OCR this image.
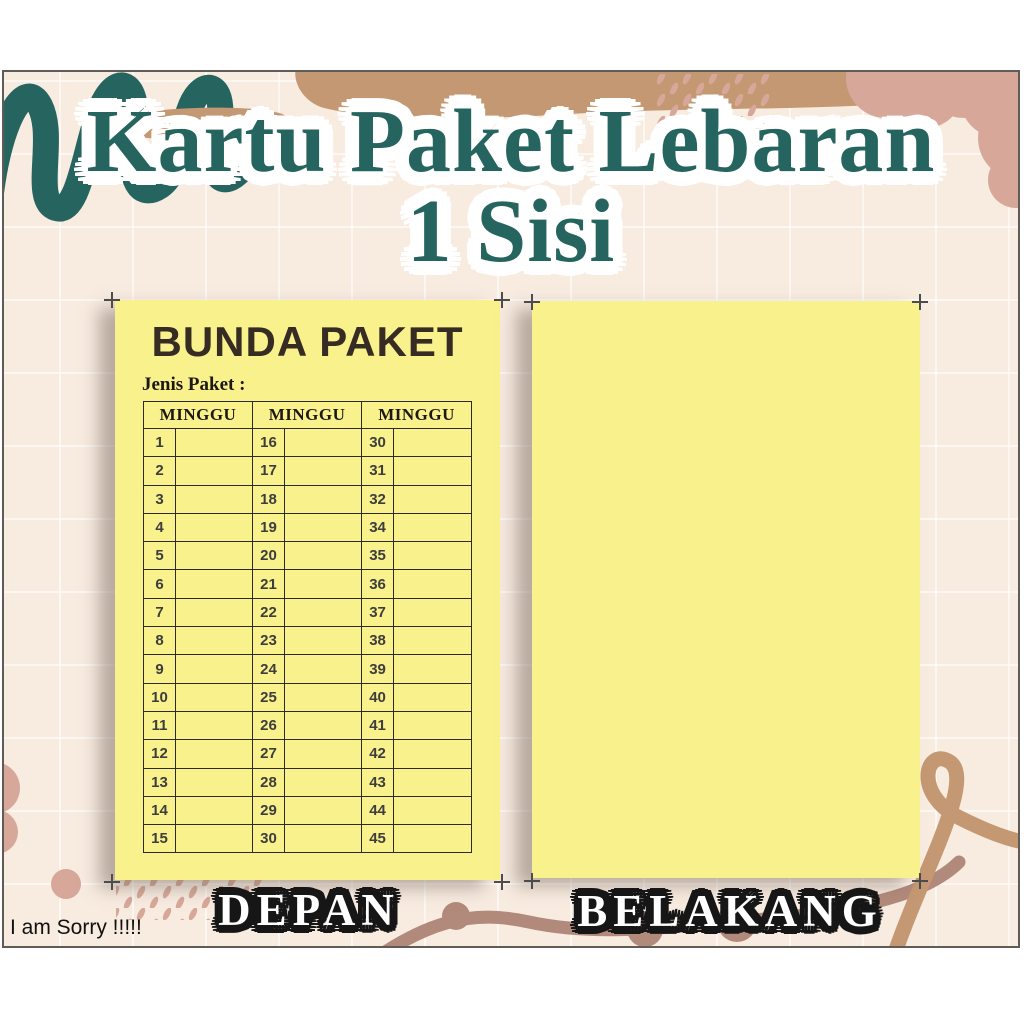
Kartu Paket Lebaran
1 Sisi
BUNDA PAKET
Jenis Paket :
MINGGU		MINGGU		MINGGU	
1		16		30	
2		17		31	
3		18		32	
4		19		34	
5		20		35	
6		21		36	
7		22		37	
8		23		38	
9		24		39	
10		25		40	
11		26		41	
12		27		42	
13		28		43	
14		29		44	
15		30		45	
DEPAN	BELAKANG
I am Sorry !!!!!
